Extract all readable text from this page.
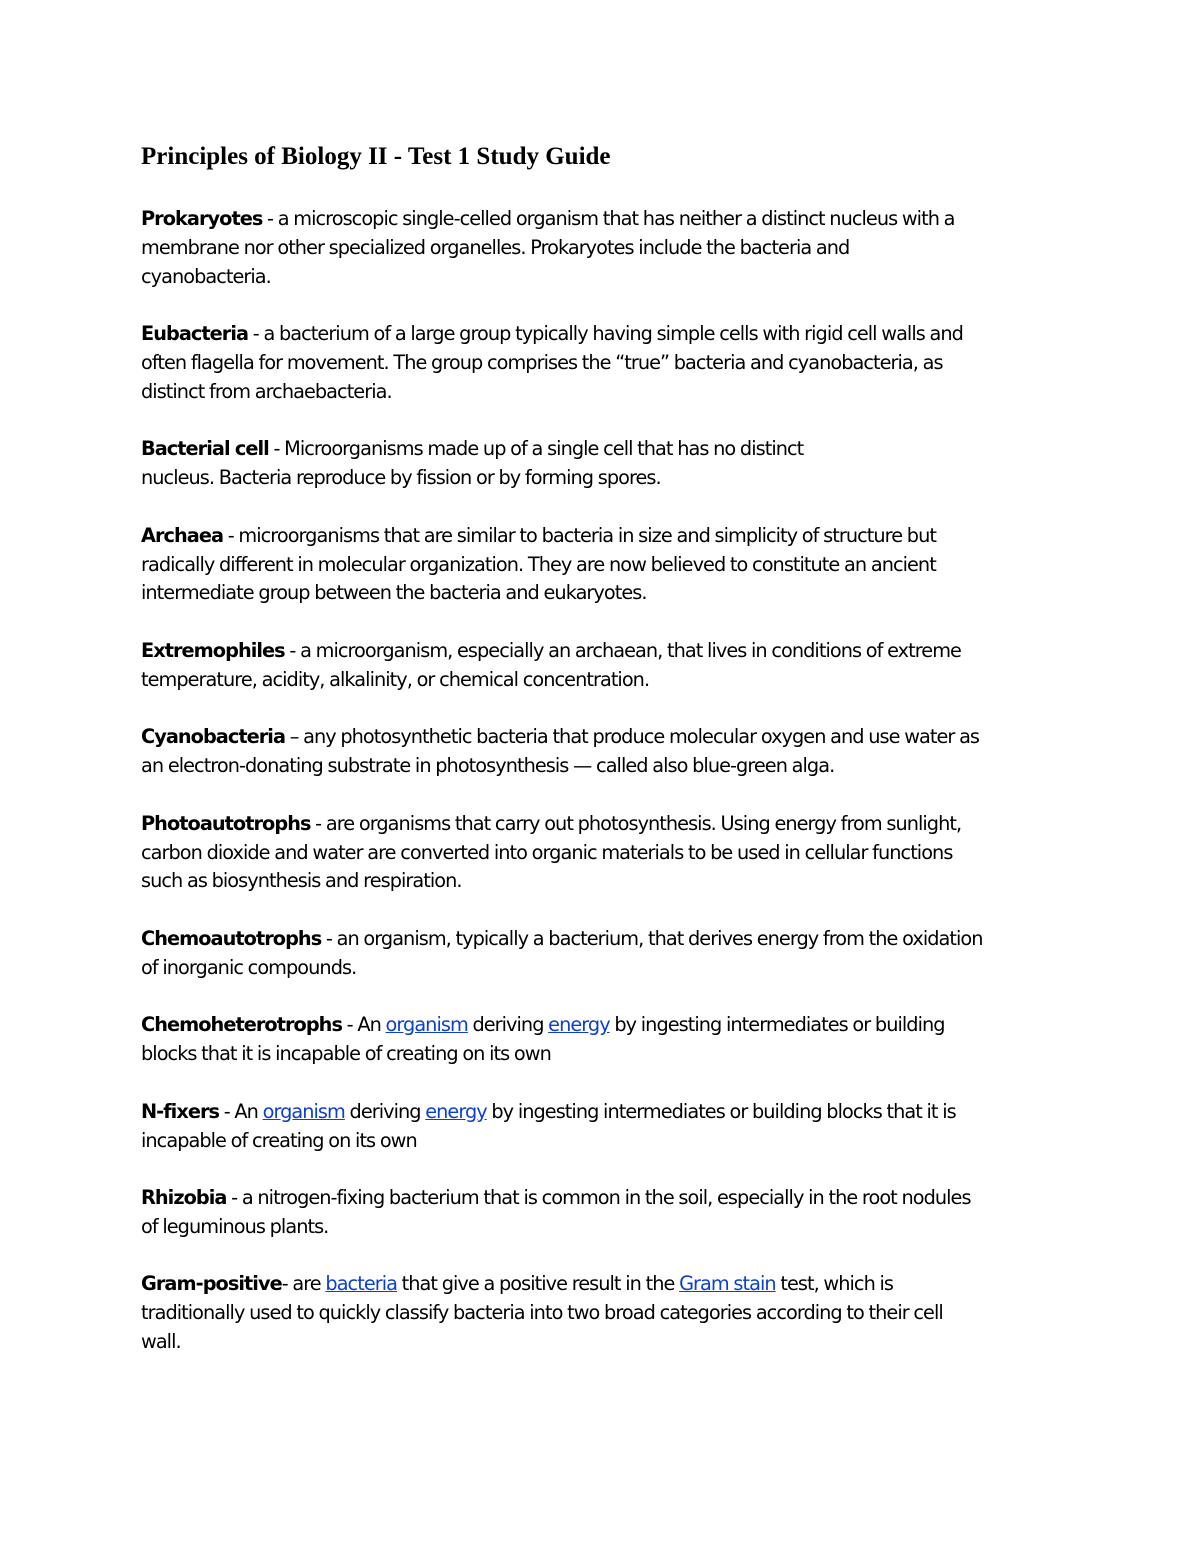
Principles of Biology II - Test 1 Study Guide
Prokaryotes - a microscopic single-celled organism that has neither a distinct nucleus with a
membrane nor other specialized organelles. Prokaryotes include the bacteria and
cyanobacteria.
Eubacteria - a bacterium of a large group typically having simple cells with rigid cell walls and
often flagella for movement. The group comprises the “true” bacteria and cyanobacteria, as
distinct from archaebacteria.
Bacterial cell - Microorganisms made up of a single cell that has no distinct
nucleus. Bacteria reproduce by fission or by forming spores.
Archaea - microorganisms that are similar to bacteria in size and simplicity of structure but
radically different in molecular organization. They are now believed to constitute an ancient
intermediate group between the bacteria and eukaryotes.
Extremophiles - a microorganism, especially an archaean, that lives in conditions of extreme
temperature, acidity, alkalinity, or chemical concentration.
Cyanobacteria – any photosynthetic bacteria that produce molecular oxygen and use water as
an electron-donating substrate in photosynthesis — called also blue-green alga.
Photoautotrophs - are organisms that carry out photosynthesis. Using energy from sunlight,
carbon dioxide and water are converted into organic materials to be used in cellular functions
such as biosynthesis and respiration.
Chemoautotrophs - an organism, typically a bacterium, that derives energy from the oxidation
of inorganic compounds.
Chemoheterotrophs - An organism deriving energy by ingesting intermediates or building
blocks that it is incapable of creating on its own
N-fixers - An organism deriving energy by ingesting intermediates or building blocks that it is
incapable of creating on its own
Rhizobia - a nitrogen-fixing bacterium that is common in the soil, especially in the root nodules
of leguminous plants.
Gram-positive- are bacteria that give a positive result in the Gram stain test, which is
traditionally used to quickly classify bacteria into two broad categories according to their cell
wall.
